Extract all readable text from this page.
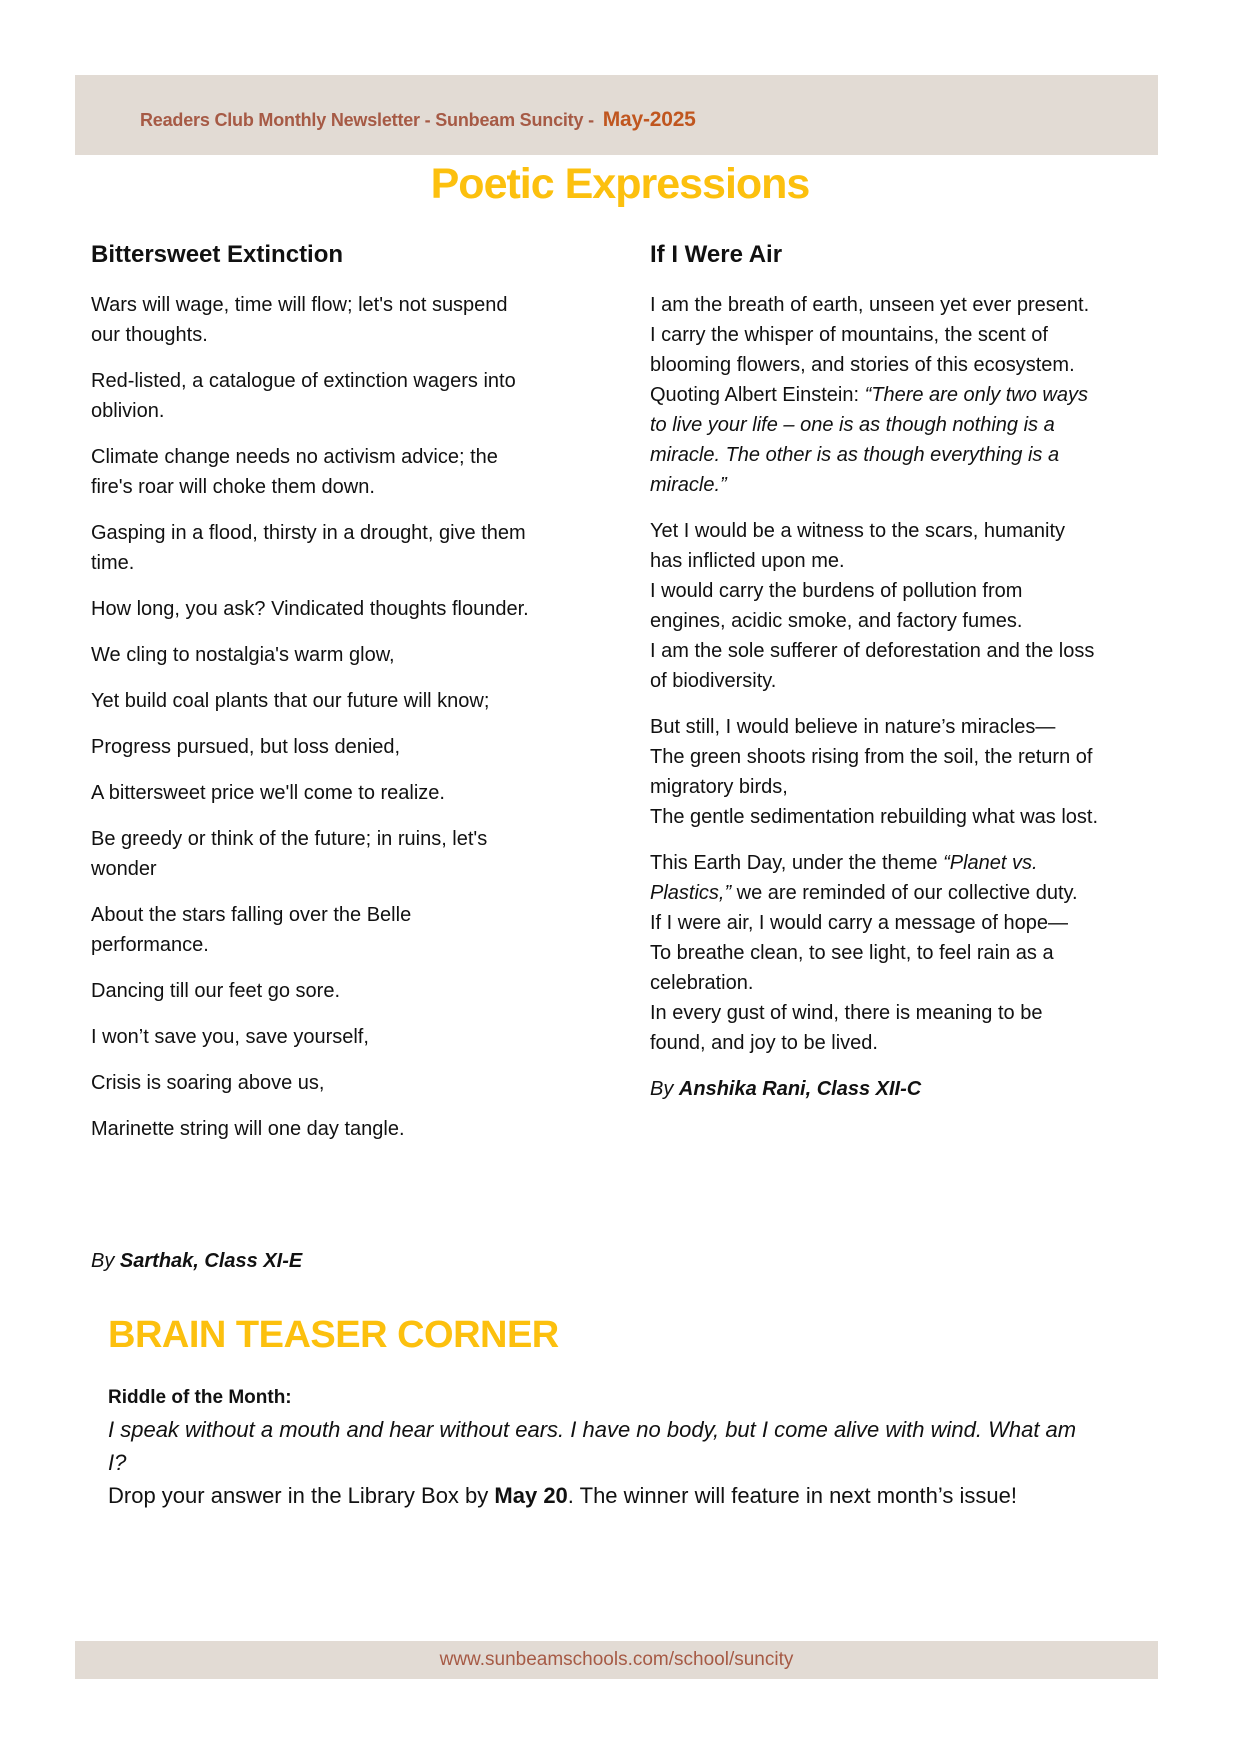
Readers Club Monthly Newsletter - Sunbeam Suncity - May-2025
Poetic Expressions
Bittersweet Extinction

Wars will wage, time will flow; let's not suspend our thoughts.

Red-listed, a catalogue of extinction wagers into oblivion.

Climate change needs no activism advice; the fire's roar will choke them down.

Gasping in a flood, thirsty in a drought, give them time.

How long, you ask? Vindicated thoughts flounder.

We cling to nostalgia's warm glow,

Yet build coal plants that our future will know;

Progress pursued, but loss denied,

A bittersweet price we'll come to realize.

Be greedy or think of the future; in ruins, let's wonder

About the stars falling over the Belle performance.

Dancing till our feet go sore.

I won’t save you, save yourself,

Crisis is soaring above us,

Marinette string will one day tangle.

By Sarthak, Class XI-E
If I Were Air

I am the breath of earth, unseen yet ever present.
I carry the whisper of mountains, the scent of blooming flowers, and stories of this ecosystem.
Quoting Albert Einstein: “There are only two ways to live your life – one is as though nothing is a miracle. The other is as though everything is a miracle.”

Yet I would be a witness to the scars, humanity has inflicted upon me.
I would carry the burdens of pollution from engines, acidic smoke, and factory fumes.
I am the sole sufferer of deforestation and the loss of biodiversity.

But still, I would believe in nature’s miracles—
The green shoots rising from the soil, the return of migratory birds,
The gentle sedimentation rebuilding what was lost.

This Earth Day, under the theme “Planet vs. Plastics,” we are reminded of our collective duty.
If I were air, I would carry a message of hope—
To breathe clean, to see light, to feel rain as a celebration.
In every gust of wind, there is meaning to be found, and joy to be lived.

By Anshika Rani, Class XII-C
BRAIN TEASER CORNER
Riddle of the Month:
I speak without a mouth and hear without ears. I have no body, but I come alive with wind. What am I?
Drop your answer in the Library Box by May 20. The winner will feature in next month’s issue!
www.sunbeamschools.com/school/suncity
